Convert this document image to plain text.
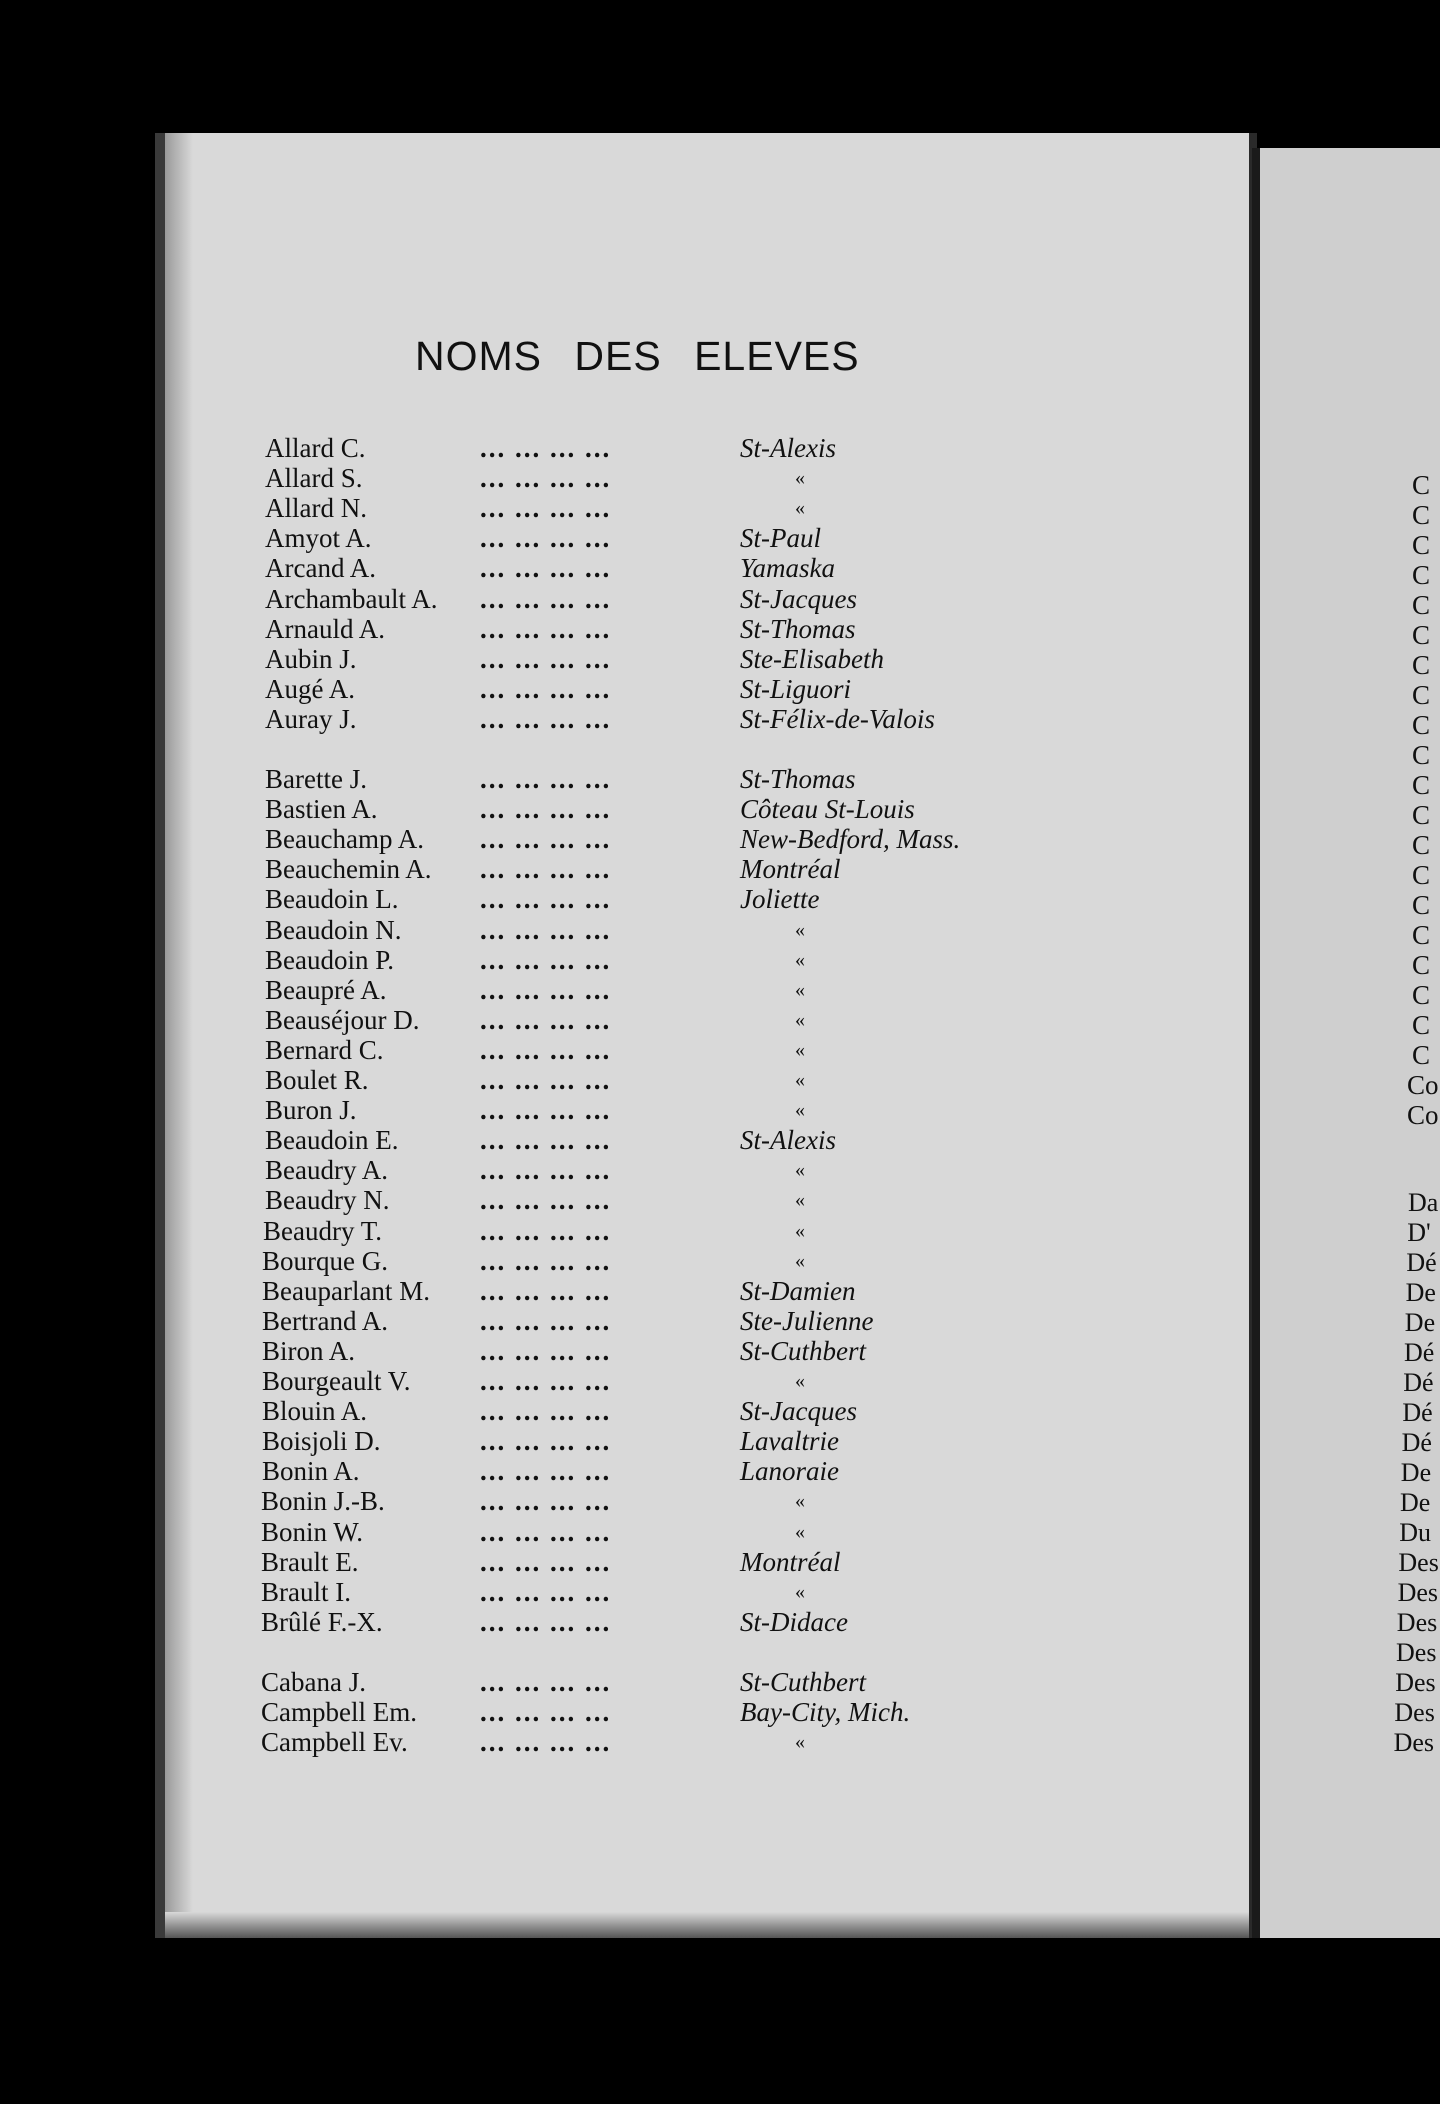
NOMS DES ELEVES
Allard C.	... ... ... ...	St-Alexis
Allard S.	... ... ... ...	«
Allard N.	... ... ... ...	«
Amyot A.	... ... ... ...	St-Paul
Arcand A.	... ... ... ...	Yamaska
Archambault A. ... ... ... ...	St-Jacques
Arnauld A.	... ... ... ...	St-Thomas
Aubin J.	... ... ... ...	Ste-Elisabeth
Augé A.	... ... ... ...	St-Liguori
Auray J.	... ... ... ...	St-Félix-de-Valois
Barette J.	... ... ... ...	St-Thomas
Bastien A.	... ... ... ...	Côteau St-Louis
Beauchamp A. ... ... ... ...	New-Bedford, Mass.
Beauchemin A. ... ... ... ...	Montréal
Beaudoin L.	... ... ... ...	Joliette
Beaudoin N.	... ... ... ...	«
Beaudoin P.	... ... ... ...	«
Beaupré A.	... ... ... ...	«
Beauséjour D. ... ... ... ...	«
Bernard C.	... ... ... ...	«
Boulet R.	... ... ... ...	«
Buron J.	... ... ... ...	«
Beaudoin E.	... ... ... ...	St-Alexis
Beaudry A.	... ... ... ...	«
Beaudry N.	... ... ... ...	«
Beaudry T.	... ... ... ...	«
Bourque G.	... ... ... ...	«
Beauparlant M. ... ... ... ...	St-Damien
Bertrand A.	... ... ... ...	Ste-Julienne
Biron A.	... ... ... ...	St-Cuthbert
Bourgeault V.	... ... ... ...	«
Blouin A.	... ... ... ...	St-Jacques
Boisjoli D.	... ... ... ...	Lavaltrie
Bonin A.	... ... ... ...	Lanoraie
Bonin J.-B.	... ... ... ...	«
Bonin W.	... ... ... ...	«
Brault E.	... ... ... ...	Montréal
Brault I.	... ... ... ...	«
Brûlé F.-X.	... ... ... ...	St-Didace
Cabana J.	... ... ... ...	St-Cuthbert
Campbell Em. ... ... ... ...	Bay-City, Mich.
Campbell Ev.	... ... ... ...	«
C
C
C
C
C
C
C
C
C
C
C
C
C
C
C
C
C
C
C
C
Co
Co
Da
D'
Dé
De
De
Dé
Dé
Dé
Dé
De
De
Du
Des
Des
Des
Des
Des
Des
Des
